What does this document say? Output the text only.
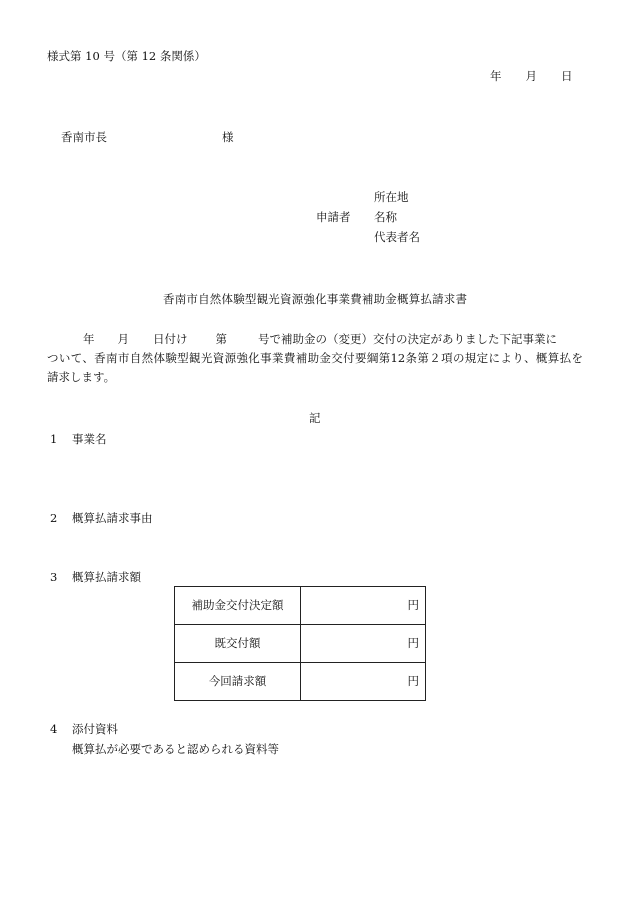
様式第 10 号（第 12 条関係）
年 月 日
香南市長	様
申請者
所在地
名称
代表者名
香南市自然体験型観光資源強化事業費補助金概算払請求書
年 月 日付け 第	号で補助金の（変更）交付の決定がありました下記事業に
ついて、香南市自然体験型観光資源強化事業費補助金交付要綱第12条第２項の規定により、概算払を
請求します。
記
1 事業名
2 概算払請求事由
3 概算払請求額
補助金交付決定額	円
既交付額	円
今回請求額	円
4 添付資料
概算払が必要であると認められる資料等
